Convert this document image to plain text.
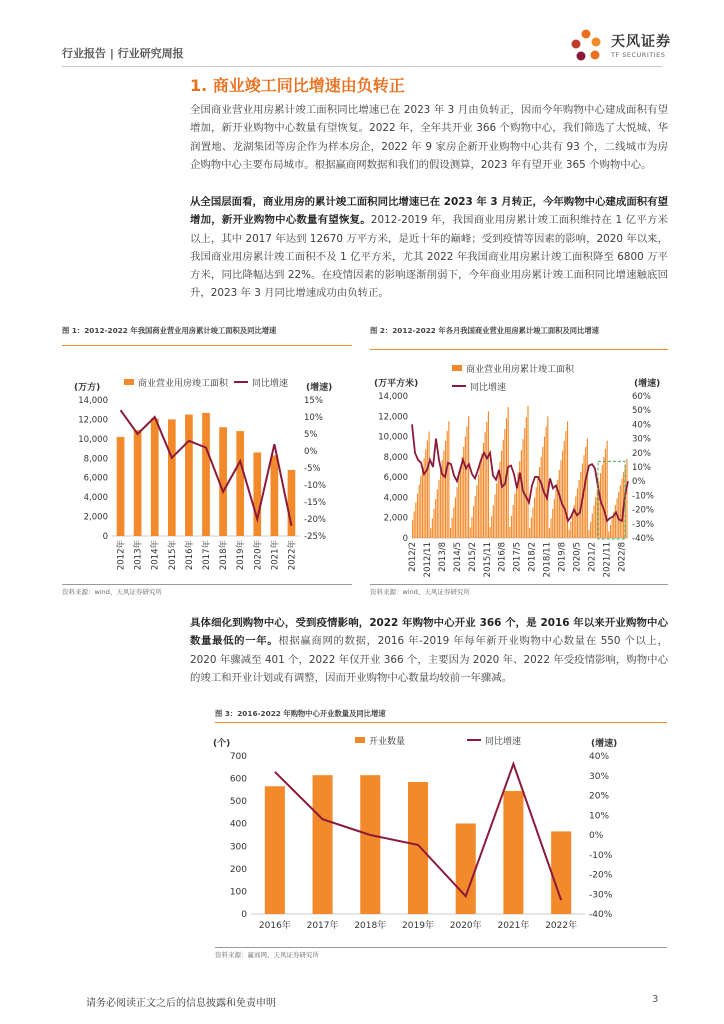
行业报告 | 行业研究周报
天风证券
TF SECURITIES
1. 商业竣工同比增速由负转正
全国商业营业用房累计竣工面积同比增速已在 2023 年 3 月由负转正，因而今年购物中心建成面积有望增加，新开业购物中心数量有望恢复。2022 年，全年共开业 366 个购物中心，我们筛选了大悦城、华润置地、龙湖集团等房企作为样本房企，2022 年 9 家房企新开业购物中心共有 93 个，二线城市为房企购物中心主要布局城市。根据赢商网数据和我们的假设测算，2023 年有望开业 365 个购物中心。
从全国层面看，商业用房的累计竣工面积同比增速已在 2023 年 3 月转正，今年购物中心建成面积有望增加，新开业购物中心数量有望恢复。2012-2019 年，我国商业用房累计竣工面积维持在 1 亿平方米以上，其中 2017 年达到 12670 万平方米，是近十年的巅峰；受到疫情等因素的影响，2020 年以来，我国商业用房累计竣工面积不及 1 亿平方米，尤其 2022 年我国商业用房累计竣工面积降至 6800 万平方米，同比降幅达到 22%。在疫情因素的影响逐渐削弱下，今年商业用房累计竣工面积同比增速触底回升，2023 年 3 月同比增速成功由负转正。
图 1：2012-2022 年我国商业营业用房累计竣工面积及同比增速
(万方)	(增速)
0
2,000
4,000
6,000
8,000
10,000
12,000
14,000
-25%
-20%
-15%
-10%
-5%
0%
5%
10%
15%
商业营业用房竣工面积	同比增速
2012年 2013年 2014年 2015年 2016年 2017年 2018年 2019年 2020年 2021年 2022年
资料来源：wind、天风证券研究所
图 2：2012-2022 年各月我国商业营业用房累计竣工面积及同比增速
(万平方米)	(增速)
0
2,000
4,000
6,000
8,000
10,000
12,000
14,000
-40%
-30%
-20%
-10%
0%
10%
20%
30%
40%
50%
60%
商业营业用房累计竣工面积
同比增速
2012/2 2012/11 2013/8 2014/5 2015/2 2015/11 2016/8 2017/5 2018/2 2018/11 2019/8 2020/5 2021/2 2021/11 2022/8
资料来源：wind、天风证券研究所
具体细化到购物中心，受到疫情影响，2022 年购物中心开业 366 个，是 2016 年以来开业购物中心数量最低的一年。根据赢商网的数据，2016 年-2019 年每年新开业购物中心数量在 550 个以上，2020 年骤减至 401 个，2022 年仅开业 366 个，主要因为 2020 年、2022 年受疫情影响，购物中心的竣工和开业计划或有调整，因而开业购物中心数量均较前一年骤减。
图 3：2016-2022 年购物中心开业数量及同比增速
(个)	(增速)
0
100
200
300
400
500
600
700
-40%
-30%
-20%
-10%
0%
10%
20%
30%
40%
开业数量	同比增速
2016年 2017年 2018年 2019年 2020年 2021年 2022年
资料来源：赢商网、天风证券研究所
请务必阅读正文之后的信息披露和免责申明	3
